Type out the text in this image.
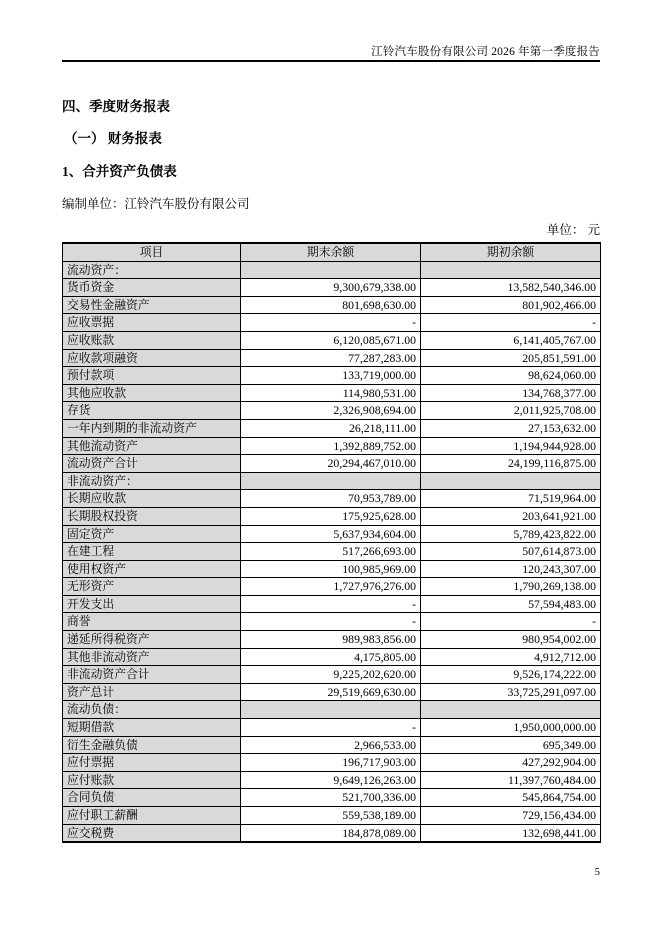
江铃汽车股份有限公司 2026 年第一季度报告
四、季度财务报表
（一） 财务报表
1、合并资产负债表
编制单位：江铃汽车股份有限公司
单位： 元
项目	期末余额	期初余额
流动资产：		
货币资金	9,300,679,338.00	13,582,540,346.00
交易性金融资产	801,698,630.00	801,902,466.00
应收票据	-	-
应收账款	6,120,085,671.00	6,141,405,767.00
应收款项融资	77,287,283.00	205,851,591.00
预付款项	133,719,000.00	98,624,060.00
其他应收款	114,980,531.00	134,768,377.00
存货	2,326,908,694.00	2,011,925,708.00
一年内到期的非流动资产	26,218,111.00	27,153,632.00
其他流动资产	1,392,889,752.00	1,194,944,928.00
流动资产合计	20,294,467,010.00	24,199,116,875.00
非流动资产：		
长期应收款	70,953,789.00	71,519,964.00
长期股权投资	175,925,628.00	203,641,921.00
固定资产	5,637,934,604.00	5,789,423,822.00
在建工程	517,266,693.00	507,614,873.00
使用权资产	100,985,969.00	120,243,307.00
无形资产	1,727,976,276.00	1,790,269,138.00
开发支出	-	57,594,483.00
商誉	-	-
递延所得税资产	989,983,856.00	980,954,002.00
其他非流动资产	4,175,805.00	4,912,712.00
非流动资产合计	9,225,202,620.00	9,526,174,222.00
资产总计	29,519,669,630.00	33,725,291,097.00
流动负债：		
短期借款	-	1,950,000,000.00
衍生金融负债	2,966,533.00	695,349.00
应付票据	196,717,903.00	427,292,904.00
应付账款	9,649,126,263.00	11,397,760,484.00
合同负债	521,700,336.00	545,864,754.00
应付职工薪酬	559,538,189.00	729,156,434.00
应交税费	184,878,089.00	132,698,441.00
5
